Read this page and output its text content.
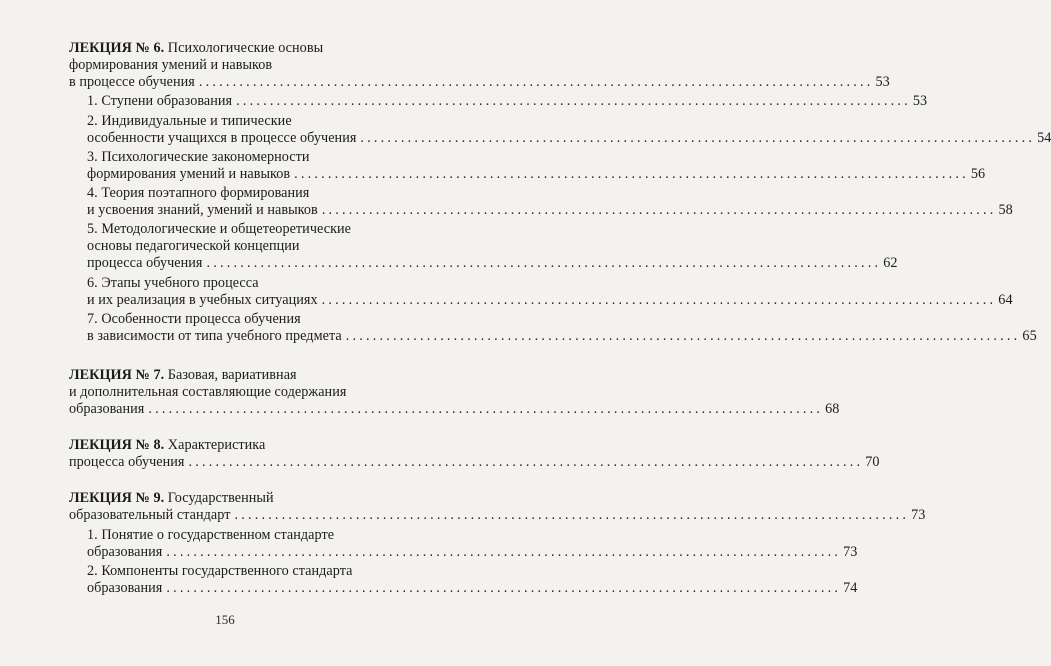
ЛЕКЦИЯ № 6. Психологические основы
формирования умений и навыков
в процессе обучения .................................................................................................... 53
1. Ступени образования .................................................................................................... 53
2. Индивидуальные и типические
особенности учащихся в процессе обучения .................................................................................................... 54
3. Психологические закономерности
формирования умений и навыков .................................................................................................... 56
4. Теория поэтапного формирования
и усвоения знаний, умений и навыков .................................................................................................... 58
5. Методологические и общетеоретические
основы педагогической концепции
процесса обучения .................................................................................................... 62
6. Этапы учебного процесса
и их реализация в учебных ситуациях .................................................................................................... 64
7. Особенности процесса обучения
в зависимости от типа учебного предмета .................................................................................................... 65
ЛЕКЦИЯ № 7. Базовая, вариативная
и дополнительная составляющие содержания
образования .................................................................................................... 68
ЛЕКЦИЯ № 8. Характеристика
процесса обучения .................................................................................................... 70
ЛЕКЦИЯ № 9. Государственный
образовательный стандарт .................................................................................................... 73
1. Понятие о государственном стандарте
образования .................................................................................................... 73
2. Компоненты государственного стандарта
образования .................................................................................................... 74
156
